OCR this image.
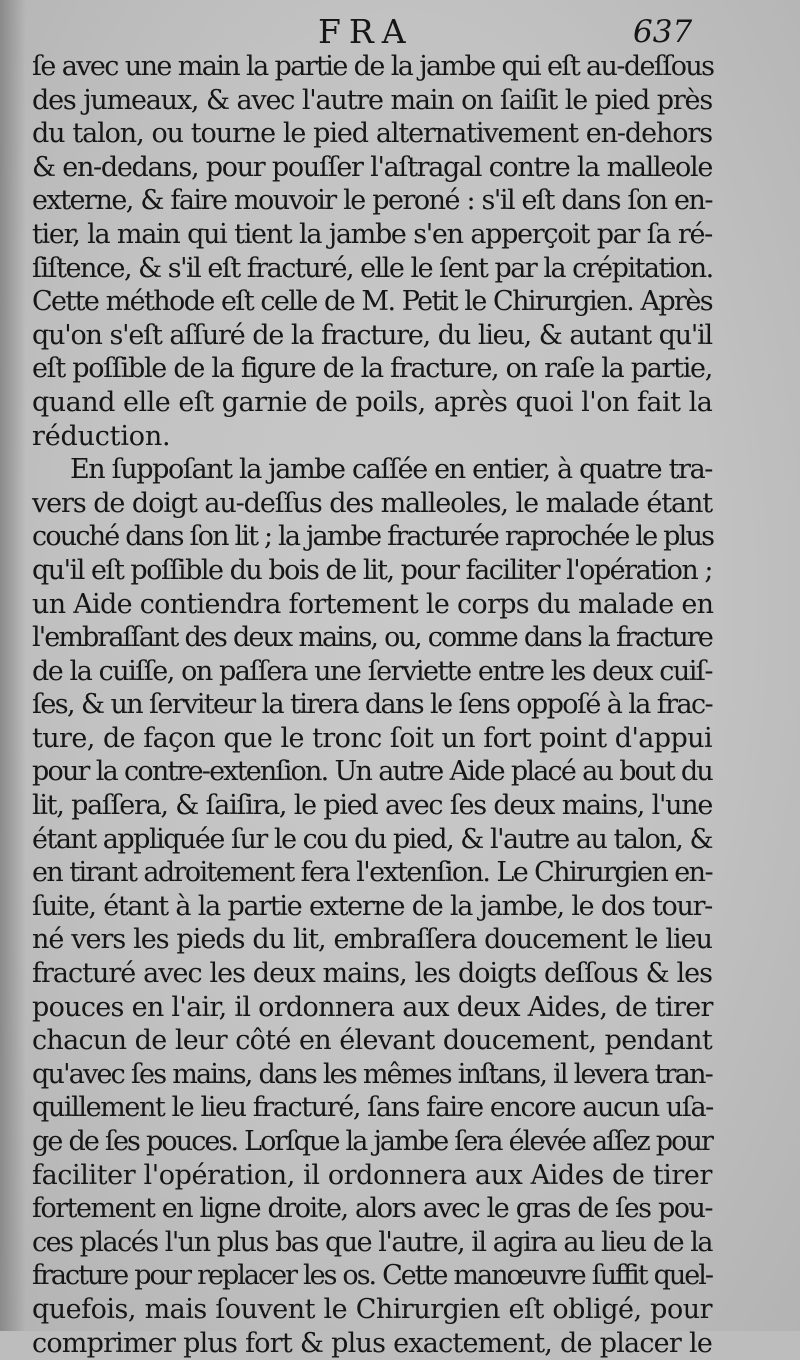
FRA	637
ſe avec une main la partie de la jambe qui eſt au-deſſous
des jumeaux, & avec l'autre main on ſaiſit le pied près
du talon, ou tourne le pied alternativement en-dehors
& en-dedans, pour pouſſer l'aſtragal contre la malleole
externe, & faire mouvoir le peroné : s'il eſt dans ſon en-
tier, la main qui tient la jambe s'en apperçoit par ſa ré-
ſiſtence, & s'il eſt fracturé, elle le ſent par la crépitation.
Cette méthode eſt celle de M. Petit le Chirurgien. Après
qu'on s'eſt aſſuré de la fracture, du lieu, & autant qu'il
eſt poſſible de la figure de la fracture, on raſe la partie,
quand elle eſt garnie de poils, après quoi l'on fait la
réduction.
En ſuppoſant la jambe caſſée en entier, à quatre tra-
vers de doigt au-deſſus des malleoles, le malade étant
couché dans ſon lit ; la jambe fracturée raprochée le plus
qu'il eſt poſſible du bois de lit, pour faciliter l'opération ;
un Aide contiendra fortement le corps du malade en
l'embraſſant des deux mains, ou, comme dans la fracture
de la cuiſſe, on paſſera une ſerviette entre les deux cuiſ-
ſes, & un ſerviteur la tirera dans le ſens oppoſé à la frac-
ture, de façon que le tronc ſoit un fort point d'appui
pour la contre-extenſion. Un autre Aide placé au bout du
lit, paſſera, & ſaiſira, le pied avec ſes deux mains, l'une
étant appliquée ſur le cou du pied, & l'autre au talon, &
en tirant adroitement fera l'extenſion. Le Chirurgien en-
ſuite, étant à la partie externe de la jambe, le dos tour-
né vers les pieds du lit, embraſſera doucement le lieu
fracturé avec les deux mains, les doigts deſſous & les
pouces en l'air, il ordonnera aux deux Aides, de tirer
chacun de leur côté en élevant doucement, pendant
qu'avec ſes mains, dans les mêmes inſtans, il levera tran-
quillement le lieu fracturé, ſans faire encore aucun uſa-
ge de ſes pouces. Lorſque la jambe ſera élevée aſſez pour
faciliter l'opération, il ordonnera aux Aides de tirer
fortement en ligne droite, alors avec le gras de ſes pou-
ces placés l'un plus bas que l'autre, il agira au lieu de la
fracture pour replacer les os. Cette manœuvre ſuffit quel-
quefois, mais ſouvent le Chirurgien eſt obligé, pour
comprimer plus fort & plus exactement, de placer le
